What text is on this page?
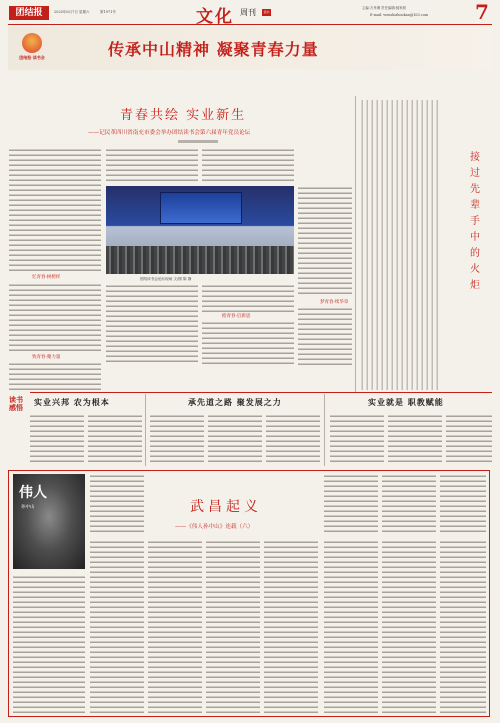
团结报	2025年6月7日 星期六	第1971号	文化 周刊	读书
主编:万孝珊 责任编辑:郁家树
E-mail: wenshizhoukan@163.com 7
团结报·读书会	传承中山精神 凝聚青春力量
青春共绘 实业新生
——记民革四川省南充市委会举办团结读书会第六届青年党员论坛
忆青春·树榜样
致青春·聚力量
团结读书会论坛现场 文/图 陈 静
绘青春·启新思
梦青春·续华章
接过先辈手中的火炬
读书感悟
实业兴邦 农为根本	承先道之路 聚发展之力	实业就是 职教赋能
伟人
孙中山	武昌起义
——《伟人孙中山》连载（六）
